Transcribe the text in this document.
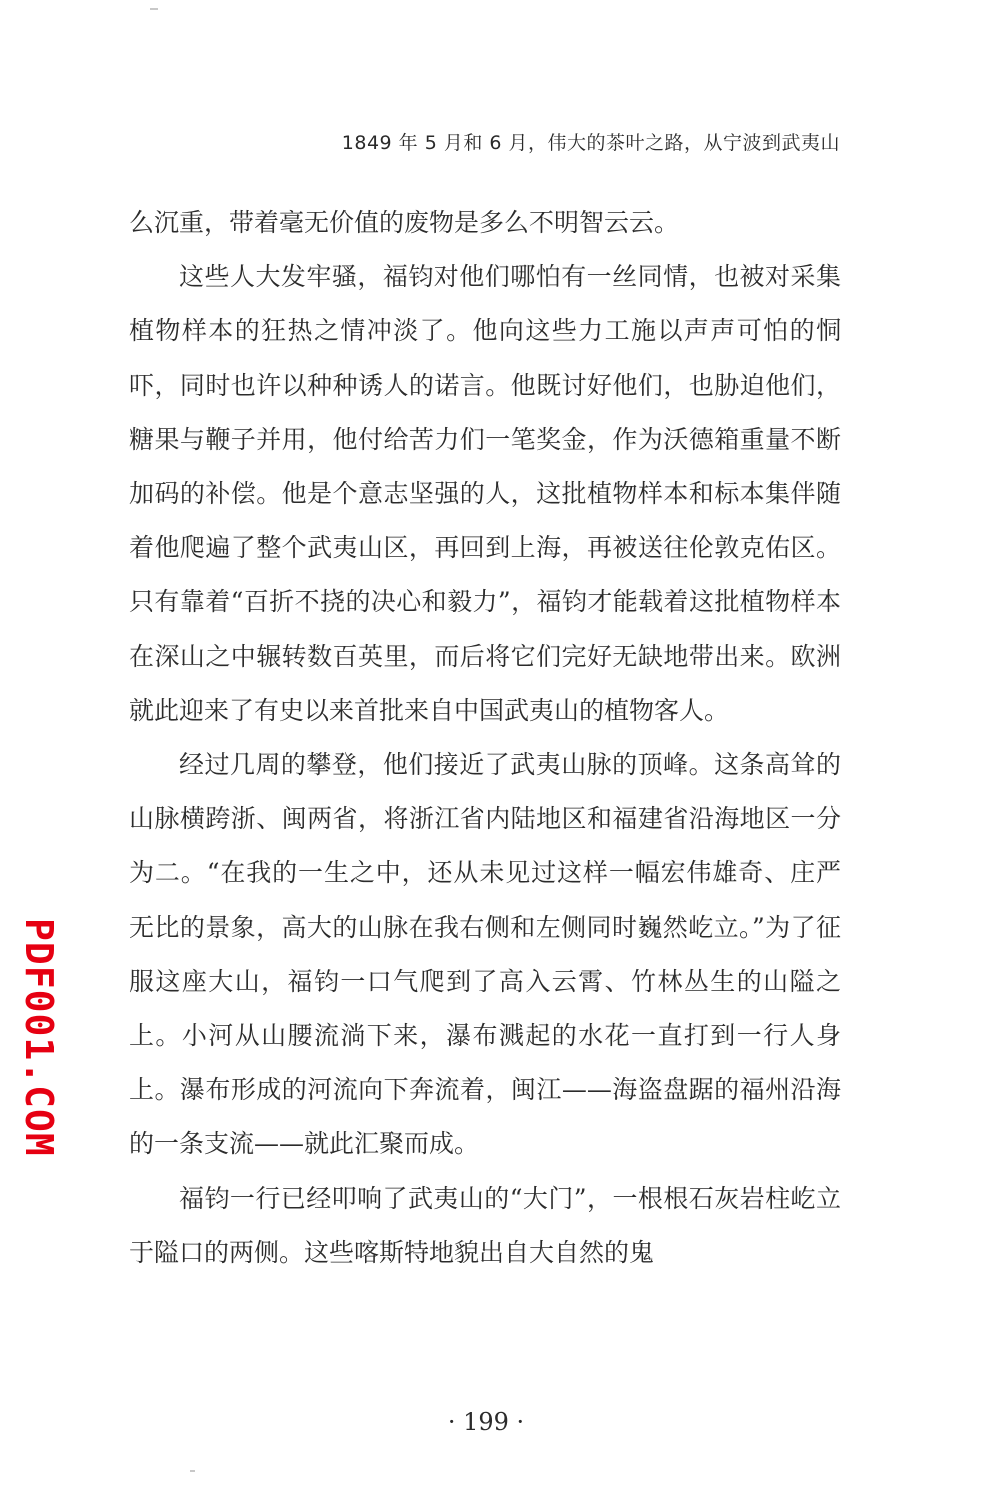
1849 年 5 月和 6 月，伟大的茶叶之路，从宁波到武夷山

么沉重，带着毫无价值的废物是多么不明智云云。

这些人大发牢骚，福钧对他们哪怕有一丝同情，也被对采集植物样本的狂热之情冲淡了。他向这些力工施以声声可怕的恫吓，同时也许以种种诱人的诺言。他既讨好他们，也胁迫他们，糖果与鞭子并用，他付给苦力们一笔奖金，作为沃德箱重量不断加码的补偿。他是个意志坚强的人，这批植物样本和标本集伴随着他爬遍了整个武夷山区，再回到上海，再被送往伦敦克佑区。只有靠着“百折不挠的决心和毅力”，福钧才能载着这批植物样本在深山之中辗转数百英里，而后将它们完好无缺地带出来。欧洲就此迎来了有史以来首批来自中国武夷山的植物客人。

经过几周的攀登，他们接近了武夷山脉的顶峰。这条高耸的山脉横跨浙、闽两省，将浙江省内陆地区和福建省沿海地区一分为二。“在我的一生之中，还从未见过这样一幅宏伟雄奇、庄严无比的景象，高大的山脉在我右侧和左侧同时巍然屹立。”为了征服这座大山，福钧一口气爬到了高入云霄、竹林丛生的山隘之上。小河从山腰流淌下来，瀑布溅起的水花一直打到一行人身上。瀑布形成的河流向下奔流着，闽江——海盗盘踞的福州沿海的一条支流——就此汇聚而成。

福钧一行已经叩响了武夷山的“大门”，一根根石灰岩柱屹立于隘口的两侧。这些喀斯特地貌出自大自然的鬼

PDF001.COM
· 199 ·
